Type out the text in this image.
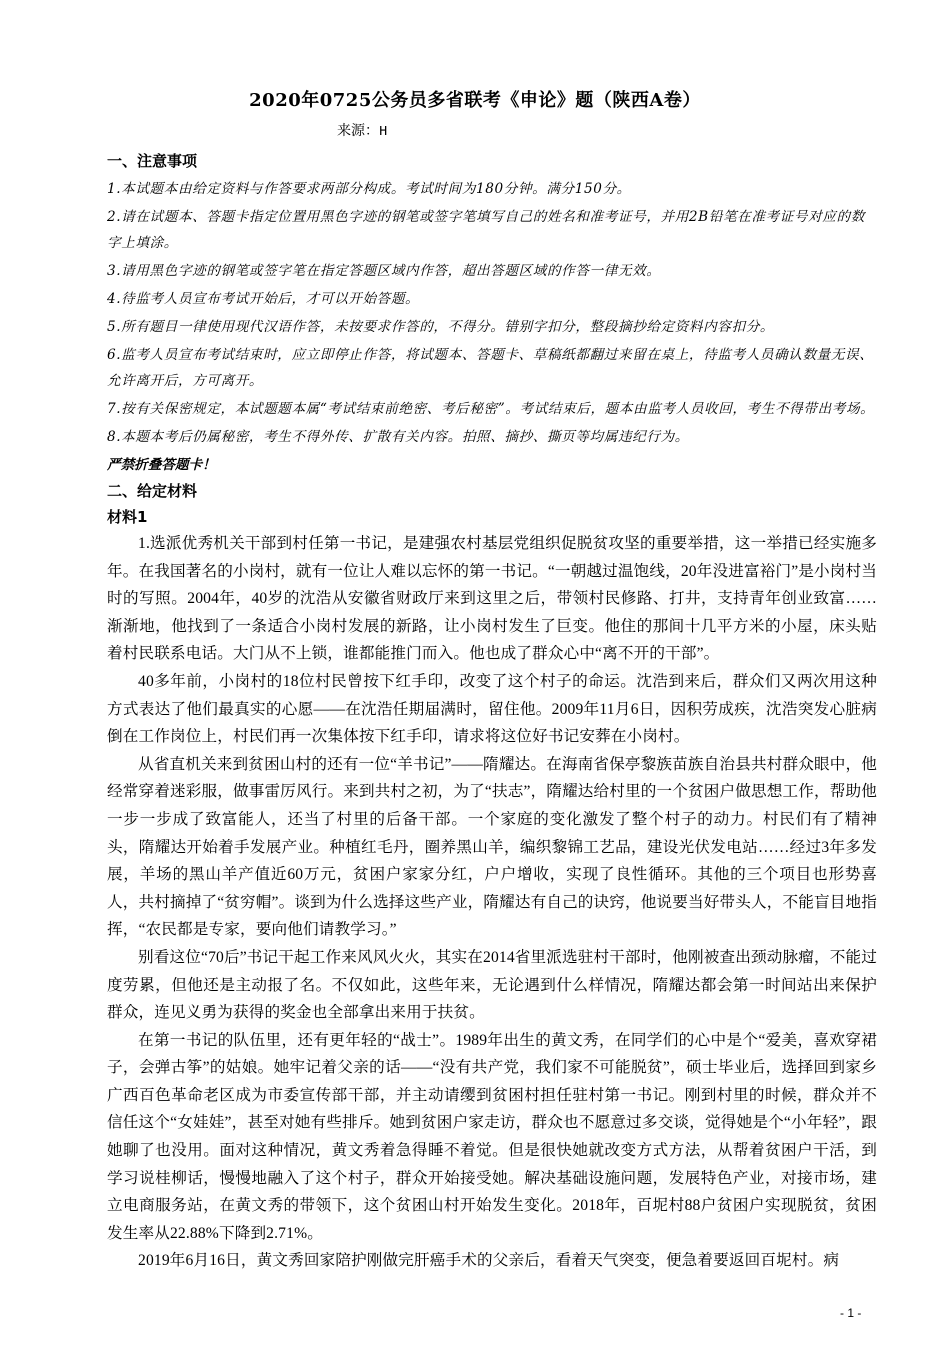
2020年0725公务员多省联考《申论》题（陕西A卷）
来源：H

一、注意事项

1.本试题本由给定资料与作答要求两部分构成。考试时间为180分钟。满分150分。

2.请在试题本、答题卡指定位置用黑色字迹的钢笔或签字笔填写自己的姓名和准考证号，并用2B铅笔在准考证号对应的数字上填涂。

3.请用黑色字迹的钢笔或签字笔在指定答题区域内作答，超出答题区域的作答一律无效。

4.待监考人员宣布考试开始后，才可以开始答题。

5.所有题目一律使用现代汉语作答，未按要求作答的，不得分。错别字扣分，整段摘抄给定资料内容扣分。

6.监考人员宣布考试结束时，应立即停止作答，将试题本、答题卡、草稿纸都翻过来留在桌上，待监考人员确认数量无误、允许离开后，方可离开。

7.按有关保密规定，本试题题本属“考试结束前绝密、考后秘密”。考试结束后，题本由监考人员收回，考生不得带出考场。

8.本题本考后仍属秘密，考生不得外传、扩散有关内容。拍照、摘抄、撕页等均属违纪行为。

严禁折叠答题卡！

二、给定材料

材料1

1.选派优秀机关干部到村任第一书记，是建强农村基层党组织促脱贫攻坚的重要举措，这一举措已经实施多年。在我国著名的小岗村，就有一位让人难以忘怀的第一书记。“一朝越过温饱线，20年没进富裕门”是小岗村当时的写照。2004年，40岁的沈浩从安徽省财政厅来到这里之后，带领村民修路、打井，支持青年创业致富……渐渐地，他找到了一条适合小岗村发展的新路，让小岗村发生了巨变。他住的那间十几平方米的小屋，床头贴着村民联系电话。大门从不上锁，谁都能推门而入。他也成了群众心中“离不开的干部”。

40多年前，小岗村的18位村民曾按下红手印，改变了这个村子的命运。沈浩到来后，群众们又两次用这种方式表达了他们最真实的心愿——在沈浩任期届满时，留住他。2009年11月6日，因积劳成疾，沈浩突发心脏病倒在工作岗位上，村民们再一次集体按下红手印，请求将这位好书记安葬在小岗村。

从省直机关来到贫困山村的还有一位“羊书记”——隋耀达。在海南省保亭黎族苗族自治县共村群众眼中，他经常穿着迷彩服，做事雷厉风行。来到共村之初，为了“扶志”，隋耀达给村里的一个贫困户做思想工作，帮助他一步一步成了致富能人，还当了村里的后备干部。一个家庭的变化激发了整个村子的动力。村民们有了精神头，隋耀达开始着手发展产业。种植红毛丹，圈养黑山羊，编织黎锦工艺品，建设光伏发电站……经过3年多发展，羊场的黑山羊产值近60万元，贫困户家家分红，户户增收，实现了良性循环。其他的三个项目也形势喜人，共村摘掉了“贫穷帽”。谈到为什么选择这些产业，隋耀达有自己的诀窍，他说要当好带头人，不能盲目地指挥，“农民都是专家，要向他们请教学习。”

别看这位“70后”书记干起工作来风风火火，其实在2014省里派选驻村干部时，他刚被查出颈动脉瘤，不能过度劳累，但他还是主动报了名。不仅如此，这些年来，无论遇到什么样情况，隋耀达都会第一时间站出来保护群众，连见义勇为获得的奖金也全部拿出来用于扶贫。

在第一书记的队伍里，还有更年轻的“战士”。1989年出生的黄文秀，在同学们的心中是个“爱美，喜欢穿裙子，会弹古筝”的姑娘。她牢记着父亲的话——“没有共产党，我们家不可能脱贫”，硕士毕业后，选择回到家乡广西百色革命老区成为市委宣传部干部，并主动请缨到贫困村担任驻村第一书记。刚到村里的时候，群众并不信任这个“女娃娃”，甚至对她有些排斥。她到贫困户家走访，群众也不愿意过多交谈，觉得她是个“小年轻”，跟她聊了也没用。面对这种情况，黄文秀着急得睡不着觉。但是很快她就改变方式方法，从帮着贫困户干活，到学习说桂柳话，慢慢地融入了这个村子，群众开始接受她。解决基础设施问题，发展特色产业，对接市场，建立电商服务站，在黄文秀的带领下，这个贫困山村开始发生变化。2018年，百坭村88户贫困户实现脱贫，贫困发生率从22.88%下降到2.71%。

2019年6月16日，黄文秀回家陪护刚做完肝癌手术的父亲后，看着天气突变，便急着要返回百坭村。病

- 1 -
